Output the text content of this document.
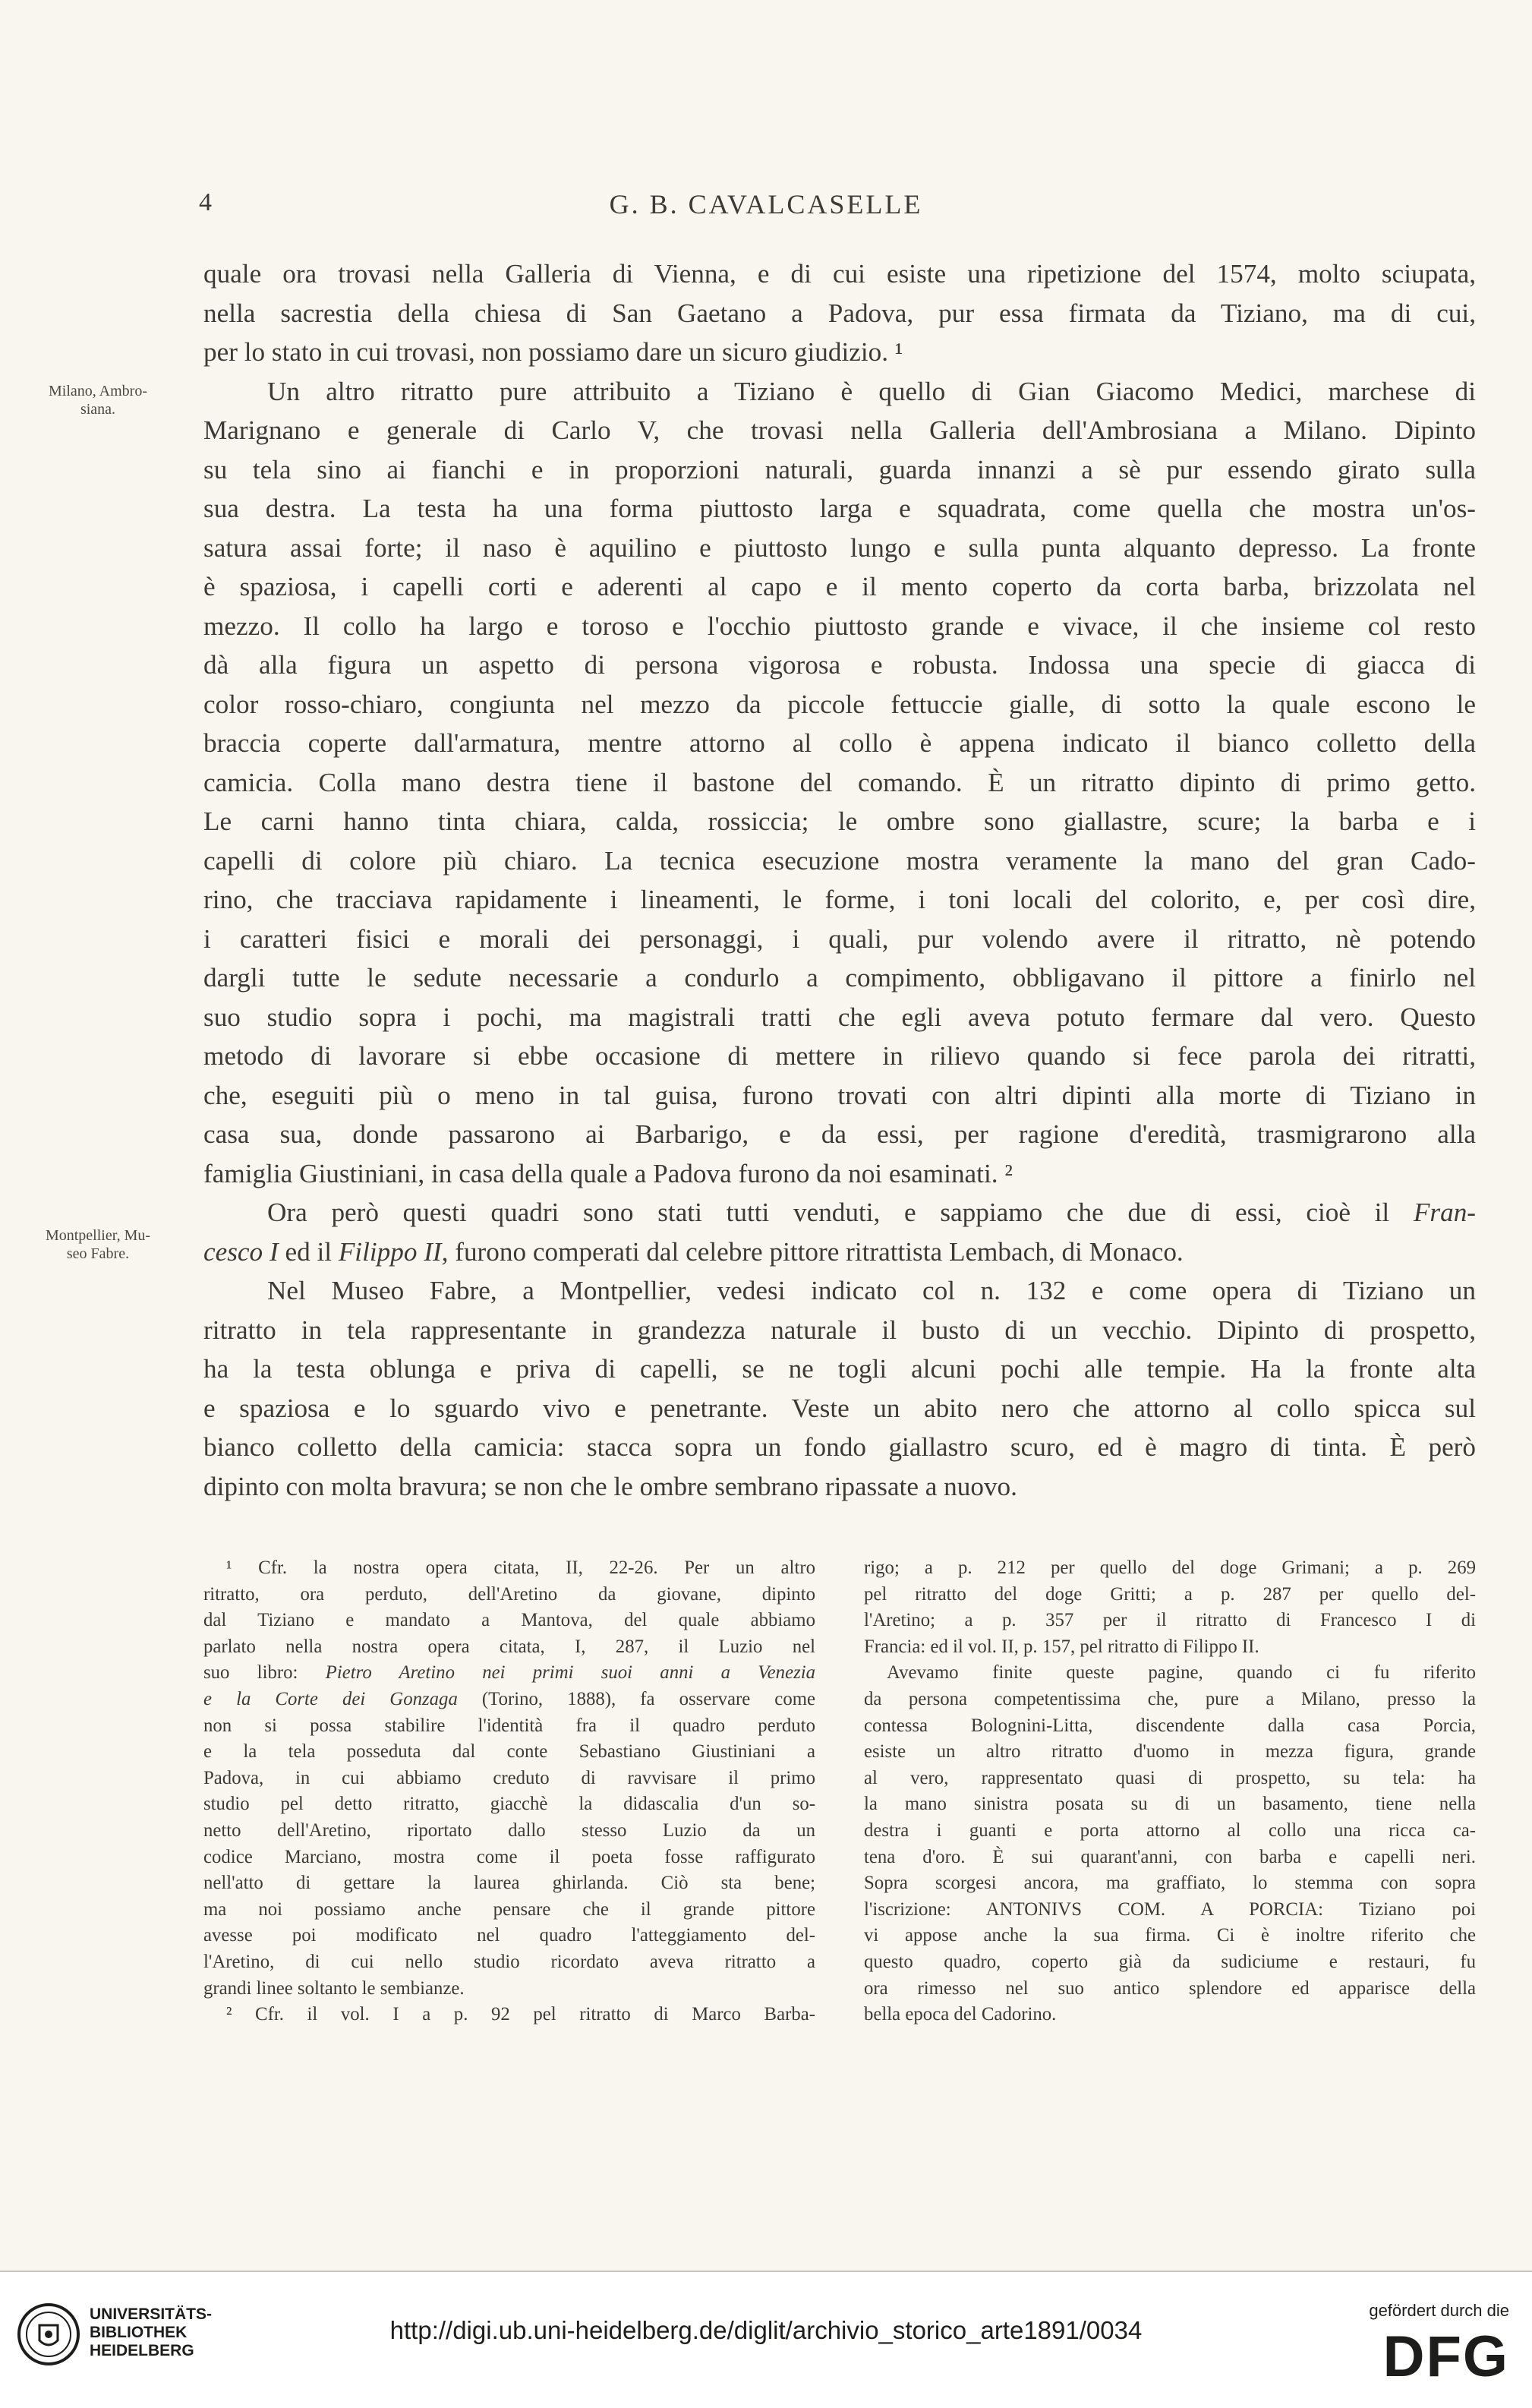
4	G. B. CAVALCASELLE
Milano, Ambro-
siana.
Montpellier, Mu-
seo Fabre.

quale ora trovasi nella Galleria di Vienna, e di cui esiste una ripetizione del 1574, molto sciupata,

nella sacrestia della chiesa di San Gaetano a Padova, pur essa firmata da Tiziano, ma di cui,

per lo stato in cui trovasi, non possiamo dare un sicuro giudizio. ¹

Un altro ritratto pure attribuito a Tiziano è quello di Gian Giacomo Medici, marchese di

Marignano e generale di Carlo V, che trovasi nella Galleria dell'Ambrosiana a Milano. Dipinto

su tela sino ai fianchi e in proporzioni naturali, guarda innanzi a sè pur essendo girato sulla

sua destra. La testa ha una forma piuttosto larga e squadrata, come quella che mostra un'os-

satura assai forte; il naso è aquilino e piuttosto lungo e sulla punta alquanto depresso. La fronte

è spaziosa, i capelli corti e aderenti al capo e il mento coperto da corta barba, brizzolata nel

mezzo. Il collo ha largo e toroso e l'occhio piuttosto grande e vivace, il che insieme col resto

dà alla figura un aspetto di persona vigorosa e robusta. Indossa una specie di giacca di

color rosso-chiaro, congiunta nel mezzo da piccole fettuccie gialle, di sotto la quale escono le

braccia coperte dall'armatura, mentre attorno al collo è appena indicato il bianco colletto della

camicia. Colla mano destra tiene il bastone del comando. È un ritratto dipinto di primo getto.

Le carni hanno tinta chiara, calda, rossiccia; le ombre sono giallastre, scure; la barba e i

capelli di colore più chiaro. La tecnica esecuzione mostra veramente la mano del gran Cado-

rino, che tracciava rapidamente i lineamenti, le forme, i toni locali del colorito, e, per così dire,

i caratteri fisici e morali dei personaggi, i quali, pur volendo avere il ritratto, nè potendo

dargli tutte le sedute necessarie a condurlo a compimento, obbligavano il pittore a finirlo nel

suo studio sopra i pochi, ma magistrali tratti che egli aveva potuto fermare dal vero. Questo

metodo di lavorare si ebbe occasione di mettere in rilievo quando si fece parola dei ritratti,

che, eseguiti più o meno in tal guisa, furono trovati con altri dipinti alla morte di Tiziano in

casa sua, donde passarono ai Barbarigo, e da essi, per ragione d'eredità, trasmigrarono alla

famiglia Giustiniani, in casa della quale a Padova furono da noi esaminati. ²

Ora però questi quadri sono stati tutti venduti, e sappiamo che due di essi, cioè il Fran-

cesco I ed il Filippo II, furono comperati dal celebre pittore ritrattista Lembach, di Monaco.

Nel Museo Fabre, a Montpellier, vedesi indicato col n. 132 e come opera di Tiziano un

ritratto in tela rappresentante in grandezza naturale il busto di un vecchio. Dipinto di prospetto,

ha la testa oblunga e priva di capelli, se ne togli alcuni pochi alle tempie. Ha la fronte alta

e spaziosa e lo sguardo vivo e penetrante. Veste un abito nero che attorno al collo spicca sul

bianco colletto della camicia: stacca sopra un fondo giallastro scuro, ed è magro di tinta. È però

dipinto con molta bravura; se non che le ombre sembrano ripassate a nuovo.

¹ Cfr. la nostra opera citata, II, 22-26. Per un altro

ritratto, ora perduto, dell'Aretino da giovane, dipinto

dal Tiziano e mandato a Mantova, del quale abbiamo

parlato nella nostra opera citata, I, 287, il Luzio nel

suo libro: Pietro Aretino nei primi suoi anni a Venezia

e la Corte dei Gonzaga (Torino, 1888), fa osservare come

non si possa stabilire l'identità fra il quadro perduto

e la tela posseduta dal conte Sebastiano Giustiniani a

Padova, in cui abbiamo creduto di ravvisare il primo

studio pel detto ritratto, giacchè la didascalia d'un so-

netto dell'Aretino, riportato dallo stesso Luzio da un

codice Marciano, mostra come il poeta fosse raffigurato

nell'atto di gettare la laurea ghirlanda. Ciò sta bene;

ma noi possiamo anche pensare che il grande pittore

avesse poi modificato nel quadro l'atteggiamento del-

l'Aretino, di cui nello studio ricordato aveva ritratto a

grandi linee soltanto le sembianze.

² Cfr. il vol. I a p. 92 pel ritratto di Marco Barba-

rigo; a p. 212 per quello del doge Grimani; a p. 269

pel ritratto del doge Gritti; a p. 287 per quello del-

l'Aretino; a p. 357 per il ritratto di Francesco I di

Francia: ed il vol. II, p. 157, pel ritratto di Filippo II.

Avevamo finite queste pagine, quando ci fu riferito

da persona competentissima che, pure a Milano, presso la

contessa Bolognini-Litta, discendente dalla casa Porcia,

esiste un altro ritratto d'uomo in mezza figura, grande

al vero, rappresentato quasi di prospetto, su tela: ha

la mano sinistra posata su di un basamento, tiene nella

destra i guanti e porta attorno al collo una ricca ca-

tena d'oro. È sui quarant'anni, con barba e capelli neri.

Sopra scorgesi ancora, ma graffiato, lo stemma con sopra

l'iscrizione: ANTONIVS COM. A PORCIA: Tiziano poi

vi appose anche la sua firma. Ci è inoltre riferito che

questo quadro, coperto già da sudiciume e restauri, fu

ora rimesso nel suo antico splendore ed apparisce della

bella epoca del Cadorino.

UNIVERSITÄTS-
BIBLIOTHEK
HEIDELBERG
http://digi.ub.uni-heidelberg.de/diglit/archivio_storico_arte1891/0034
gefördert durch die
DFG
